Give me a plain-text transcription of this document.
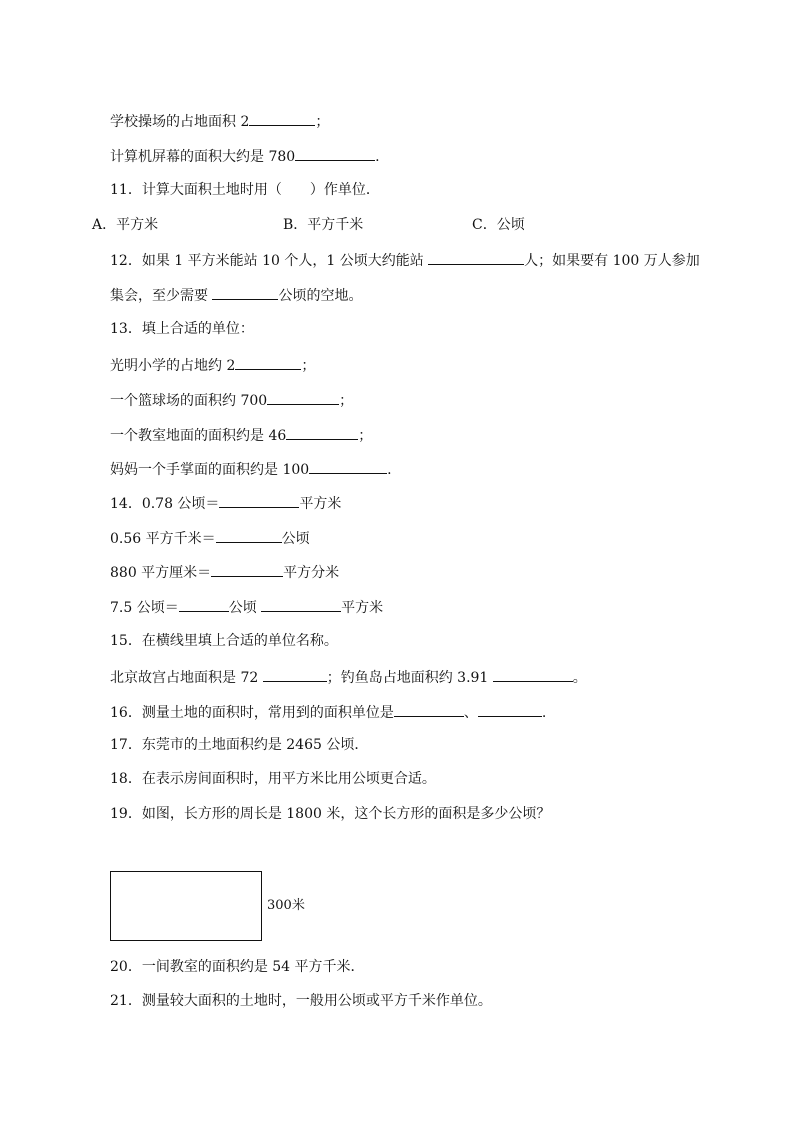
学校操场的占地面积 2	；
计算机屏幕的面积大约是 780	.
11．计算大面积土地时用（　　）作单位．
A．平方米	B．平方千米	C．公顷
12．如果 1 平方米能站 10 个人，1 公顷大约能站	人；如果要有 100 万人参加
集会，至少需要	公顷的空地。
13．填上合适的单位：
光明小学的占地约 2	；
一个篮球场的面积约 700	；
一个教室地面的面积约是 46	；
妈妈一个手掌面的面积约是 100	.
14．0.78 公顷＝	平方米
0.56 平方千米＝	公顷
880 平方厘米＝	平方分米
7.5 公顷＝	公顷	平方米
15．在横线里填上合适的单位名称。
北京故宫占地面积是 72	；钓鱼岛占地面积约 3.91	。
16．测量土地的面积时，常用到的面积单位是	、	.
17．东莞市的土地面积约是 2465 公顷．
18．在表示房间面积时，用平方米比用公顷更合适。
19．如图，长方形的周长是 1800 米，这个长方形的面积是多少公顷？
300米
20．一间教室的面积约是 54 平方千米．
21．测量较大面积的土地时，一般用公顷或平方千米作单位。
